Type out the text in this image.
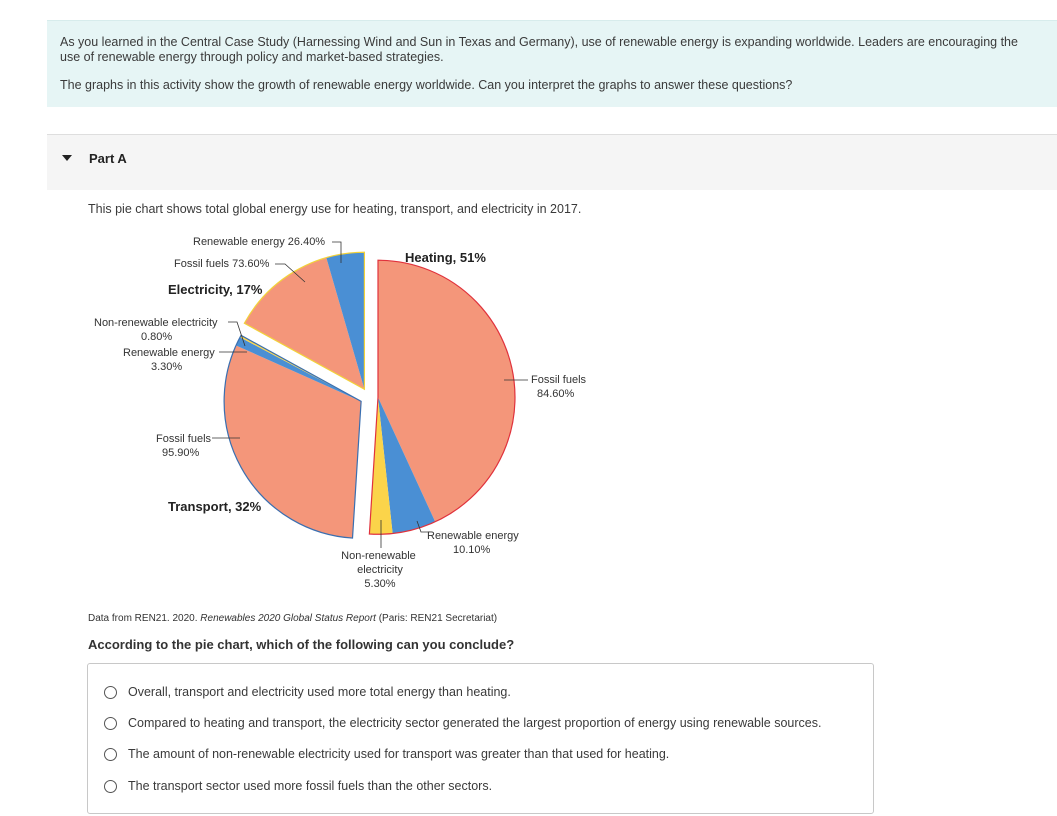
As you learned in the Central Case Study (Harnessing Wind and Sun in Texas and Germany), use of renewable energy is expanding worldwide. Leaders are encouraging the use of renewable energy through policy and market-based strategies.

The graphs in this activity show the growth of renewable energy worldwide. Can you interpret the graphs to answer these questions?

Part A
This pie chart shows total global energy use for heating, transport, and electricity in 2017.
Fossil fuels
84.60%
Renewable energy
10.10%
Non-renewable electricity
5.30%
Fossil fuels
95.90%
Renewable energy
3.30%
Non-renewable electricity
0.80%
Fossil fuels 73.60%
Renewable energy 26.40%
Heating, 51%
Electricity, 17%
Transport, 32%
Data from REN21. 2020. Renewables 2020 Global Status Report (Paris: REN21 Secretariat)
According to the pie chart, which of the following can you conclude?
Overall, transport and electricity used more total energy than heating.
Compared to heating and transport, the electricity sector generated the largest proportion of energy using renewable sources.
The amount of non-renewable electricity used for transport was greater than that used for heating.
The transport sector used more fossil fuels than the other sectors.
